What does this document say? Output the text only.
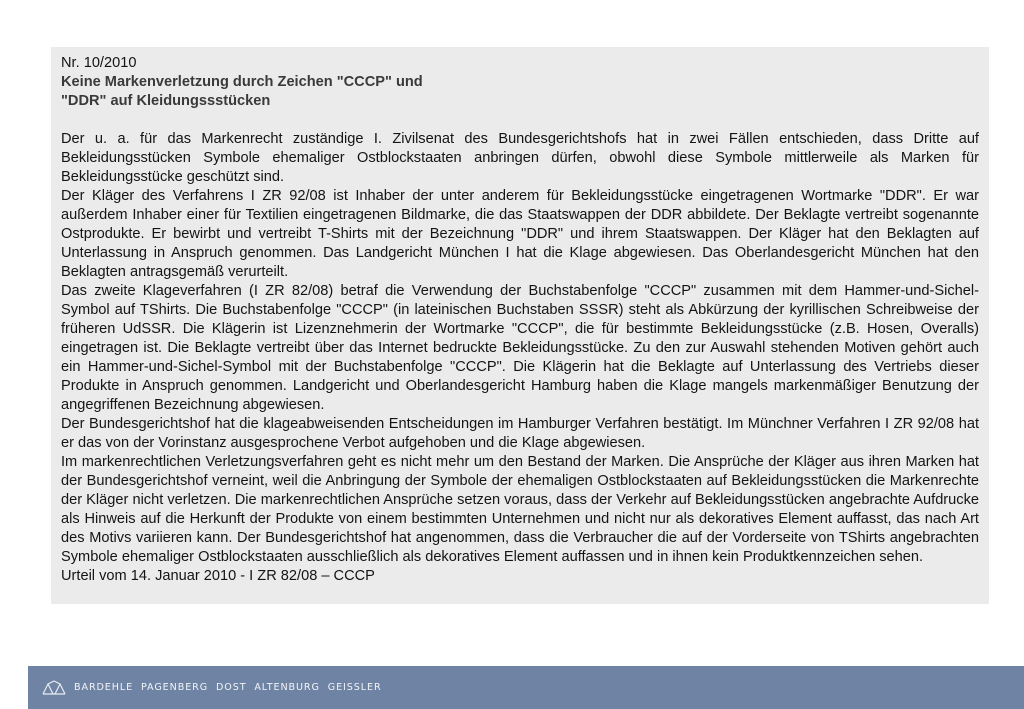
Nr. 10/2010

Keine Markenverletzung durch Zeichen "CCCP" und

"DDR" auf Kleidungssstücken

Der u. a. für das Markenrecht zuständige I. Zivilsenat des Bundesgerichtshofs hat in zwei Fällen entschieden, dass Dritte auf Bekleidungsstücken Symbole ehemaliger Ostblockstaaten anbringen dürfen, obwohl diese Symbole mittlerweile als Marken für Bekleidungsstücke geschützt sind.

Der Kläger des Verfahrens I ZR 92/08 ist Inhaber der unter anderem für Bekleidungsstücke eingetragenen Wortmarke "DDR". Er war außerdem Inhaber einer für Textilien eingetragenen Bildmarke, die das Staatswappen der DDR abbildete. Der Beklagte vertreibt sogenannte Ostprodukte. Er bewirbt und vertreibt T-Shirts mit der Bezeichnung "DDR" und ihrem Staatswappen. Der Kläger hat den Beklagten auf Unterlassung in Anspruch genommen. Das Landgericht München I hat die Klage abgewiesen. Das Oberlandesgericht München hat den Beklagten antragsgemäß verurteilt.

Das zweite Klageverfahren (I ZR 82/08) betraf die Verwendung der Buchstabenfolge "CCCP" zusammen mit dem Hammer-und-Sichel-Symbol auf TShirts. Die Buchstabenfolge "CCCP" (in lateinischen Buchstaben SSSR) steht als Abkürzung der kyrillischen Schreibweise der früheren UdSSR. Die Klägerin ist Lizenznehmerin der Wortmarke "CCCP", die für bestimmte Bekleidungsstücke (z.B. Hosen, Overalls) eingetragen ist. Die Beklagte vertreibt über das Internet bedruckte Bekleidungsstücke. Zu den zur Auswahl stehenden Motiven gehört auch ein Hammer-und-Sichel-Symbol mit der Buchstabenfolge "CCCP". Die Klägerin hat die Beklagte auf Unterlassung des Vertriebs dieser Produkte in Anspruch genommen. Landgericht und Oberlandesgericht Hamburg haben die Klage mangels markenmäßiger Benutzung der angegriffenen Bezeichnung abgewiesen.

Der Bundesgerichtshof hat die klageabweisenden Entscheidungen im Hamburger Verfahren bestätigt. Im Münchner Verfahren I ZR 92/08 hat er das von der Vorinstanz ausgesprochene Verbot aufgehoben und die Klage abgewiesen.

Im markenrechtlichen Verletzungsverfahren geht es nicht mehr um den Bestand der Marken. Die Ansprüche der Kläger aus ihren Marken hat der Bundesgerichtshof verneint, weil die Anbringung der Symbole der ehemaligen Ostblockstaaten auf Bekleidungsstücken die Markenrechte der Kläger nicht verletzen. Die markenrechtlichen Ansprüche setzen voraus, dass der Verkehr auf Bekleidungsstücken angebrachte Aufdrucke als Hinweis auf die Herkunft der Produkte von einem bestimmten Unternehmen und nicht nur als dekoratives Element auffasst, das nach Art des Motivs variieren kann. Der Bundesgerichtshof hat angenommen, dass die Verbraucher die auf der Vorderseite von TShirts angebrachten Symbole ehemaliger Ostblockstaaten ausschließlich als dekoratives Element auffassen und in ihnen kein Produktkennzeichen sehen.

Urteil vom 14. Januar 2010 - I ZR 82/08 – CCCP

BARDEHLE  PAGENBERG  DOST  ALTENBURG  GEISSLER
